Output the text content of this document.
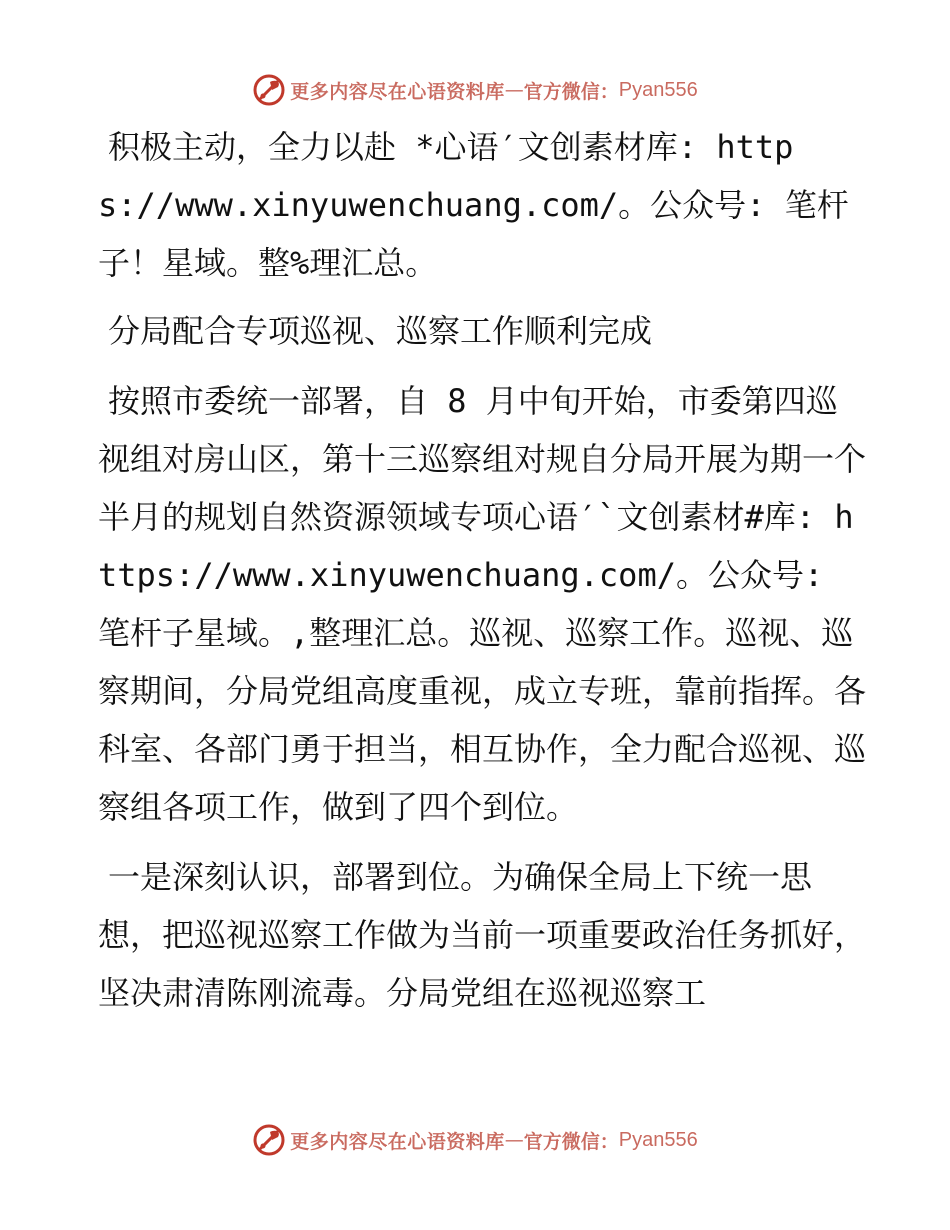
更多内容尽在心语资料库 — 官方微信： Pyan556

积极主动，全力以赴 *心语′文创素材库: https://www.xinyuwenchuang.com/。公众号: 笔杆子！星域。整%理汇总。

分局配合专项巡视、巡察工作顺利完成

按照市委统一部署，自 8 月中旬开始，市委第四巡视组对房山区，第十三巡察组对规自分局开展为期一个半月的规划自然资源领域专项心语′`文创素材#库: https://www.xinyuwenchuang.com/。公众号: 笔杆子星域。,整理汇总。巡视、巡察工作。巡视、巡察期间，分局党组高度重视，成立专班，靠前指挥。各科室、各部门勇于担当，相互协作，全力配合巡视、巡察组各项工作，做到了四个到位。

一是深刻认识，部署到位。为确保全局上下统一思想，把巡视巡察工作做为当前一项重要政治任务抓好，坚决肃清陈刚流毒。分局党组在巡视巡察工

更多内容尽在心语资料库 — 官方微信： Pyan556
